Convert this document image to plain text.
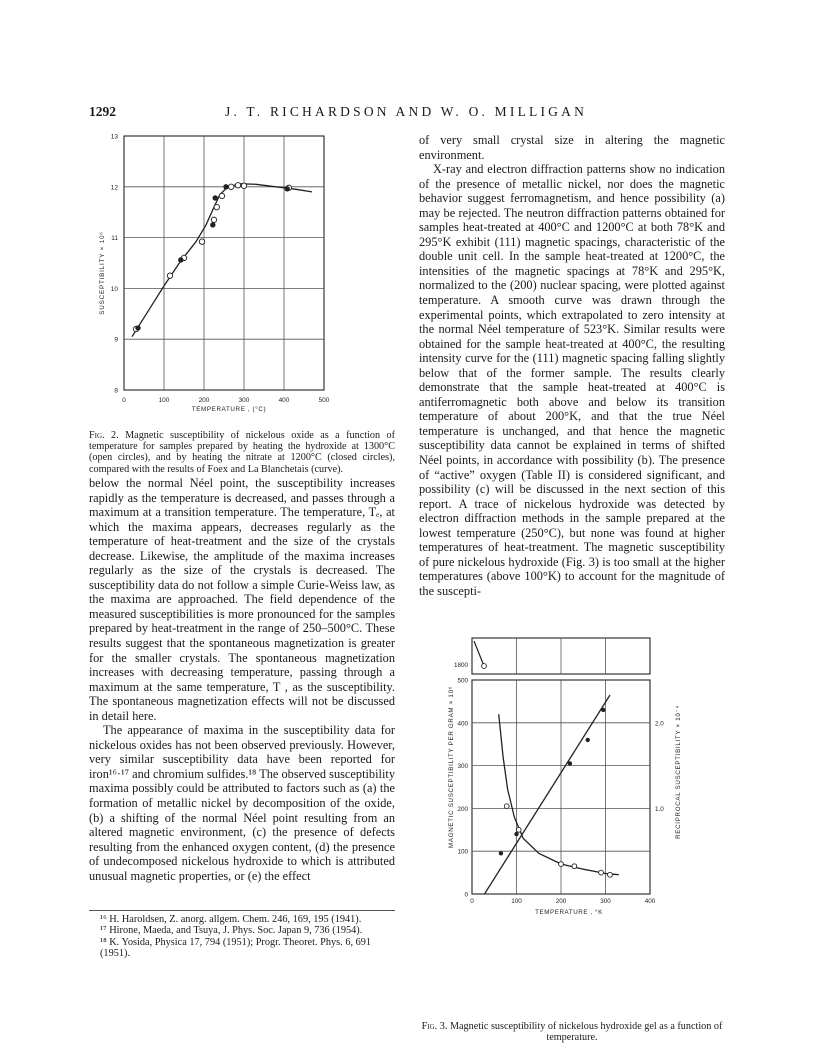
1292	J. T. RICHARDSON AND W. O. MILLIGAN
0	100	200	300	400	500
8
9
10
11
12
13
TEMPERATURE , (°C)
SUSCEPTIBILITY × 10⁶
Fig. 2. Magnetic susceptibility of nickelous oxide as a function of temperature for samples prepared by heating the hydroxide at 1300°C (open circles), and by heating the nitrate at 1200°C (closed circles), compared with the results of Foex and La Blanchetais (curve).

below the normal Néel point, the susceptibility increases rapidly as the temperature is decreased, and passes through a maximum at a transition temperature. The temperature, Tₑ, at which the maxima appears, decreases regularly as the temperature of heat-treatment and the size of the crystals decrease. Likewise, the amplitude of the maxima increases regularly as the size of the crystals is decreased. The susceptibility data do not follow a simple Curie-Weiss law, as the maxima are approached. The field dependence of the measured susceptibilities is more pronounced for the samples prepared by heat-treatment in the range of 250–500°C. These results suggest that the spontaneous magnetization is greater for the smaller crystals. The spontaneous magnetization increases with decreasing temperature, passing through a maximum at the same temperature, T , as the susceptibility. The spontaneous magnetization effects will not be discussed in detail here.

The appearance of maxima in the susceptibility data for nickelous oxides has not been observed previously. However, very similar susceptibility data have been reported for iron¹⁶·¹⁷ and chromium sulfides.¹⁸ The observed susceptibility maxima possibly could be attributed to factors such as (a) the formation of metallic nickel by decomposition of the oxide, (b) a shifting of the normal Néel point resulting from an altered magnetic environment, (c) the presence of defects resulting from the enhanced oxygen content, (d) the presence of undecomposed nickelous hydroxide to which is attributed unusual magnetic properties, or (e) the effect

¹⁶ H. Haroldsen, Z. anorg. allgem. Chem. 246, 169, 195 (1941).

¹⁷ Hirone, Maeda, and Tsuya, J. Phys. Soc. Japan 9, 736 (1954).

¹⁸ K. Yosida, Physica 17, 794 (1951); Progr. Theoret. Phys. 6, 691 (1951).

of very small crystal size in altering the magnetic environment.

X-ray and electron diffraction patterns show no indication of the presence of metallic nickel, nor does the magnetic behavior suggest ferromagnetism, and hence possibility (a) may be rejected. The neutron diffraction patterns obtained for samples heat-treated at 400°C and 1200°C at both 78°K and 295°K exhibit (111) magnetic spacings, characteristic of the double unit cell. In the sample heat-treated at 1200°C, the intensities of the magnetic spacings at 78°K and 295°K, normalized to the (200) nuclear spacing, were plotted against temperature. A smooth curve was drawn through the experimental points, which extrapolated to zero intensity at the normal Néel temperature of 523°K. Similar results were obtained for the sample heat-treated at 400°C, the resulting intensity curve for the (111) magnetic spacing falling slightly below that of the former sample. The results clearly demonstrate that the sample heat-treated at 400°C is antiferromagnetic both above and below its transition temperature of about 200°K, and that the true Néel temperature is unchanged, and that hence the magnetic susceptibility data cannot be explained in terms of shifted Néel points, in accordance with possibility (b). The presence of “active” oxygen (Table II) is considered significant, and possibility (c) will be discussed in the next section of this report. A trace of nickelous hydroxide was detected by electron diffraction methods in the sample prepared at the lowest temperature (250°C), but none was found at higher temperatures of heat-treatment. The magnetic susceptibility of pure nickelous hydroxide (Fig. 3) is too small at the higher temperatures (above 100°K) to account for the magnitude of the suscepti-

1800
0	100	200	300	400
0
100
200
300
400
500
1.0
2.0
TEMPERATURE , °K
MAGNETIC SUSCEPTIBILITY PER GRAM × 10⁶	RECIPROCAL SUSCEPTIBILITY × 10⁻⁴
Fig. 3. Magnetic susceptibility of nickelous hydroxide gel as a function of temperature.
